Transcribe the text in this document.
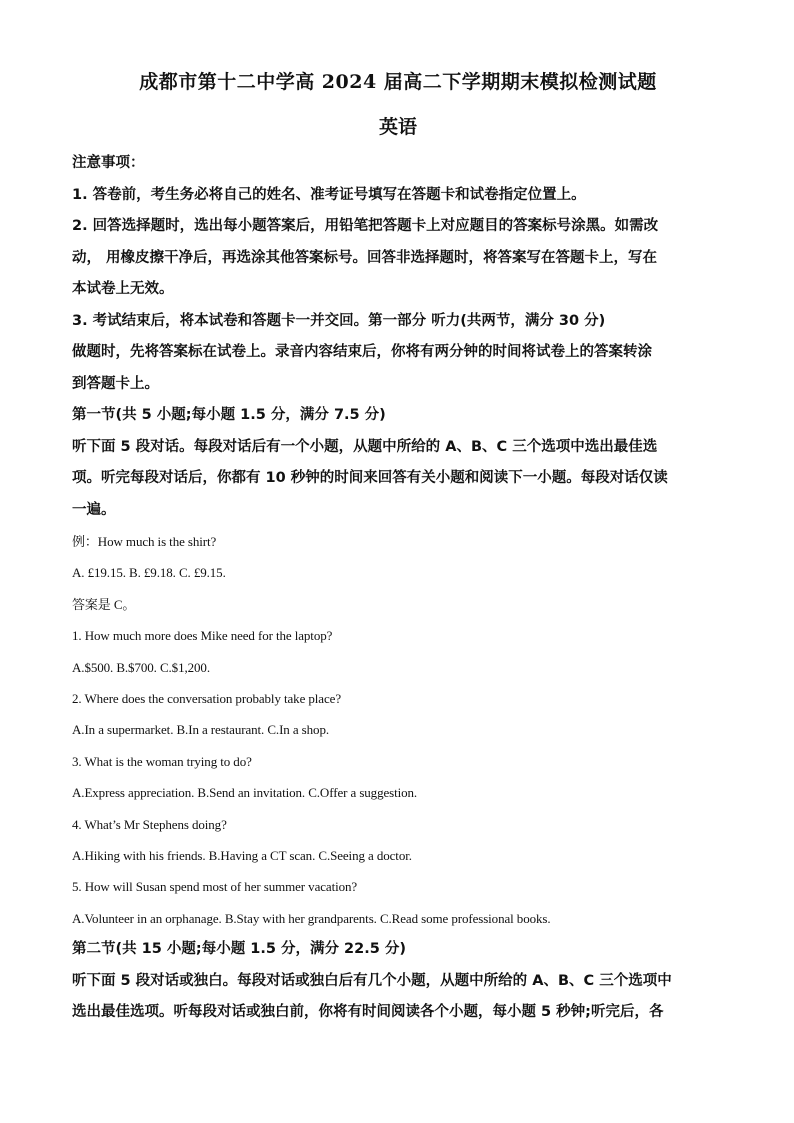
成都市第十二中学高 2024 届高二下学期期末模拟检测试题

英语

注意事项：

1. 答卷前，考生务必将自己的姓名、准考证号填写在答题卡和试卷指定位置上。

2. 回答选择题时，选出每小题答案后，用铅笔把答题卡上对应题目的答案标号涂黑。如需改

动， 用橡皮擦干净后，再选涂其他答案标号。回答非选择题时，将答案写在答题卡上，写在

本试卷上无效。

3. 考试结束后，将本试卷和答题卡一并交回。第一部分 听力(共两节，满分 30 分)

做题时，先将答案标在试卷上。录音内容结束后，你将有两分钟的时间将试卷上的答案转涂

到答题卡上。

第一节(共 5 小题;每小题 1.5 分，满分 7.5 分)

听下面 5 段对话。每段对话后有一个小题，从题中所给的 A、B、C 三个选项中选出最佳选

项。听完每段对话后，你都有 10 秒钟的时间来回答有关小题和阅读下一小题。每段对话仅读

一遍。

例：How much is the shirt?

A. £19.15. B. £9.18. C. £9.15.

答案是 C。

1. How much more does Mike need for the laptop?

A.$500. B.$700. C.$1,200.

2. Where does the conversation probably take place?

A.In a supermarket. B.In a restaurant. C.In a shop.

3. What is the woman trying to do?

A.Express appreciation. B.Send an invitation. C.Offer a suggestion.

4. What’s Mr Stephens doing?

A.Hiking with his friends. B.Having a CT scan. C.Seeing a doctor.

5. How will Susan spend most of her summer vacation?

A.Volunteer in an orphanage. B.Stay with her grandparents. C.Read some professional books.

第二节(共 15 小题;每小题 1.5 分，满分 22.5 分)

听下面 5 段对话或独白。每段对话或独白后有几个小题，从题中所给的 A、B、C 三个选项中

选出最佳选项。听每段对话或独白前，你将有时间阅读各个小题，每小题 5 秒钟;听完后，各
